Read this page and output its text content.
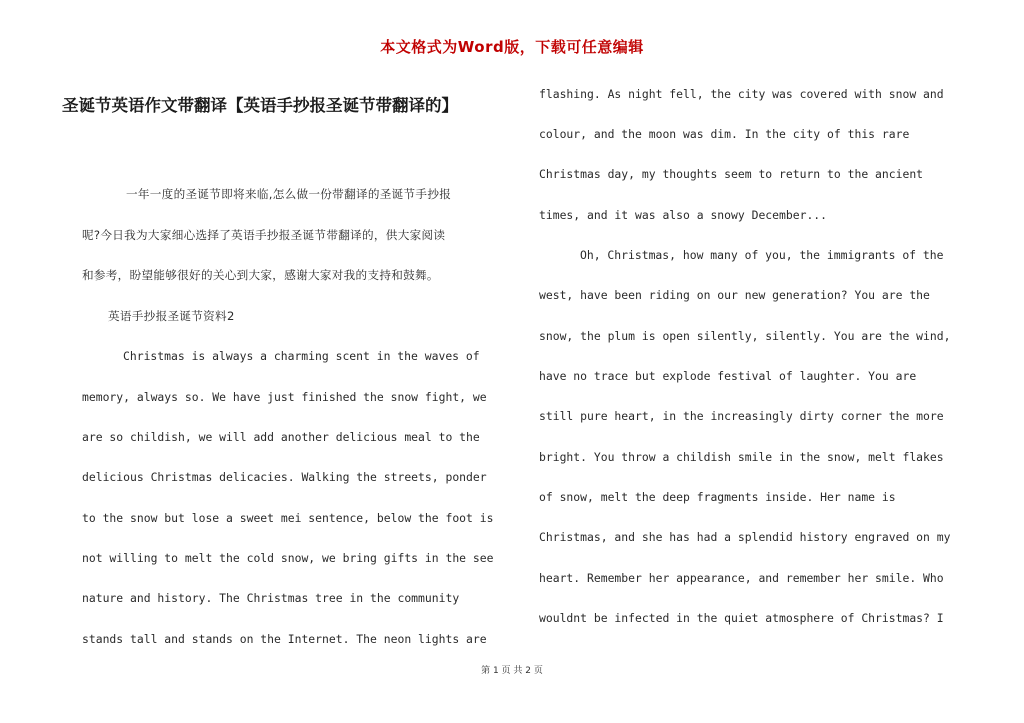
本文格式为Word版，下载可任意编辑
圣诞节英语作文带翻译【英语手抄报圣诞节带翻译的】
一年一度的圣诞节即将来临,怎么做一份带翻译的圣诞节手抄报
呢?今日我为大家细心选择了英语手抄报圣诞节带翻译的，供大家阅读
和参考，盼望能够很好的关心到大家，感谢大家对我的支持和鼓舞。
英语手抄报圣诞节资料2
Christmas is always a charming scent in the waves of
memory, always so. We have just finished the snow fight, we
are so childish, we will add another delicious meal to the
delicious Christmas delicacies. Walking the streets, ponder
to the snow but lose a sweet mei sentence, below the foot is
not willing to melt the cold snow, we bring gifts in the see
nature and history. The Christmas tree in the community
stands tall and stands on the Internet. The neon lights are
flashing. As night fell, the city was covered with snow and
colour, and the moon was dim. In the city of this rare
Christmas day, my thoughts seem to return to the ancient
times, and it was also a snowy December...
Oh, Christmas, how many of you, the immigrants of the
west, have been riding on our new generation? You are the
snow, the plum is open silently, silently. You are the wind,
have no trace but explode festival of laughter. You are
still pure heart, in the increasingly dirty corner the more
bright. You throw a childish smile in the snow, melt flakes
of snow, melt the deep fragments inside. Her name is
Christmas, and she has had a splendid history engraved on my
heart. Remember her appearance, and remember her smile. Who
wouldnt be infected in the quiet atmosphere of Christmas? I
第 1 页 共 2 页
